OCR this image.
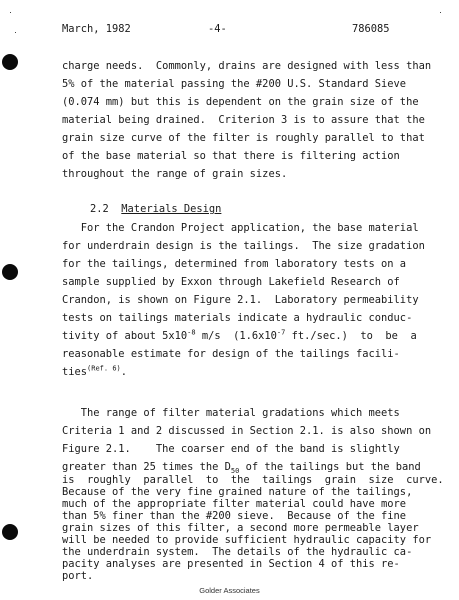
March, 1982	-4-	786085
charge needs.  Commonly, drains are designed with less than
5% of the material passing the #200 U.S. Standard Sieve
(0.074 mm) but this is dependent on the grain size of the
material being drained.  Criterion 3 is to assure that the
grain size curve of the filter is roughly parallel to that
of the base material so that there is filtering action
throughout the range of grain sizes.
2.2 Materials Design
For the Crandon Project application, the base material
for underdrain design is the tailings.  The size gradation
for the tailings, determined from laboratory tests on a
sample supplied by Exxon through Lakefield Research of
Crandon, is shown on Figure 2.1.  Laboratory permeability
tests on tailings materials indicate a hydraulic conduc-
tivity of about $5x10^{-8}$ m/s  ($1.6x10^{-7}$ ft./sec.)  to  be  a
reasonable estimate for design of the tailings facili-
ties$^{(Ref. 6)}$.
The range of filter material gradations which meets
Criteria 1 and 2 discussed in Section 2.1. is also shown on
Figure 2.1.    The coarser end of the band is slightly
greater than 25 times the $D_{50}$ of the tailings but the band
is  roughly  parallel  to  the  tailings  grain  size  curve.
Because of the very fine grained nature of the tailings,
much of the appropriate filter material could have more
than 5% finer than the #200 sieve.  Because of the fine
grain sizes of this filter, a second more permeable layer
will be needed to provide sufficient hydraulic capacity for
Golder Associates
the underdrain system.  The details of the hydraulic ca-
pacity analyses are presented in Section 4 of this re-
port.
